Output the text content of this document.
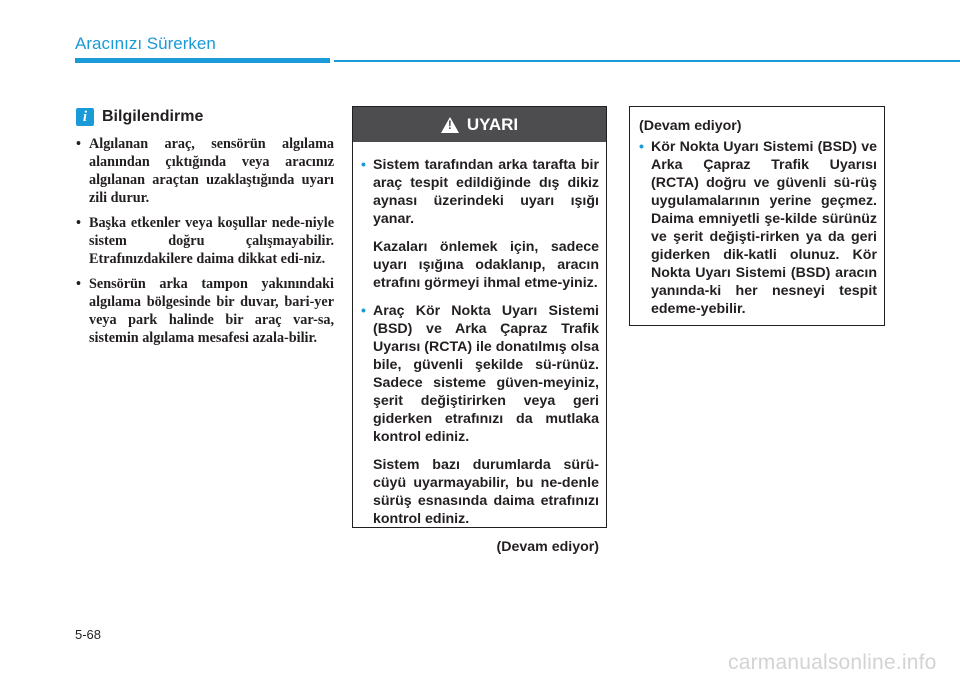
Aracınızı Sürerken
i Bilgilendirme
• Algılanan araç, sensörün algılama alanından çıktığında veya aracınız algılanan araçtan uzaklaştığında uyarı zili durur.
• Başka etkenler veya koşullar nede-niyle sistem doğru çalışmayabilir. Etrafınızdakilere daima dikkat edi-niz.
• Sensörün arka tampon yakınındaki algılama bölgesinde bir duvar, bari-yer veya park halinde bir araç var-sa, sistemin algılama mesafesi azala-bilir.
!
UYARI
• Sistem tarafından arka tarafta bir araç tespit edildiğinde dış dikiz aynası üzerindeki uyarı ışığı yanar.
Kazaları önlemek için, sadece uyarı ışığına odaklanıp, aracın etrafını görmeyi ihmal etme-yiniz.
• Araç Kör Nokta Uyarı Sistemi (BSD) ve Arka Çapraz Trafik Uyarısı (RCTA) ile donatılmış olsa bile, güvenli şekilde sü-rünüz. Sadece sisteme güven-meyiniz, şerit değiştirirken veya geri giderken etrafınızı da mutlaka kontrol ediniz.
Sistem bazı durumlarda sürü-cüyü uyarmayabilir, bu ne-denle sürüş esnasında daima etrafınızı kontrol ediniz.
(Devam ediyor)
(Devam ediyor)
• Kör Nokta Uyarı Sistemi (BSD) ve Arka Çapraz Trafik Uyarısı (RCTA) doğru ve güvenli sü-rüş uygulamalarının yerine geçmez. Daima emniyetli şe-kilde sürünüz ve şerit değişti-rirken ya da geri giderken dik-katli olunuz. Kör Nokta Uyarı Sistemi (BSD) aracın yanında-ki her nesneyi tespit edeme-yebilir.
5-68
carmanualsonline.info
